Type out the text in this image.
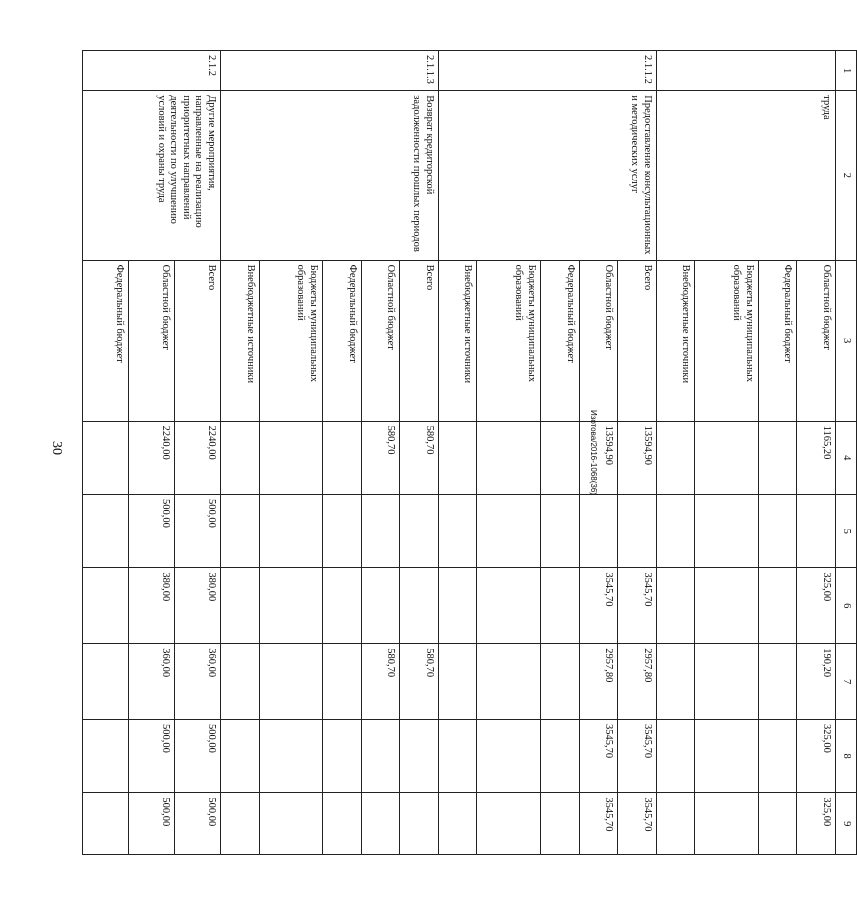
30	Изотова/2016-1068(36)
1	2	3	4	5	6	7	8	9
	труда	Областной бюджет	1165,20		325,00	190,20	325,00	325,00
		Федеральный бюджет						
		Бюджеты муниципальных образований						
		Внебюджетные источники						
2.1.1.2	Предоставление консультационных и методических услуг	Всего	13594,90		3545,70	2957,80	3545,70	3545,70
		Областной бюджет	13594,90		3545,70	2957,80	3545,70	3545,70
		Федеральный бюджет						
		Бюджеты муниципальных образований						
		Внебюджетные источники						
2.1.1.3	Возврат кредиторской задолженности прошлых периодов	Всего	580,70			580,70		
		Областной бюджет	580,70			580,70		
		Федеральный бюджет						
		Бюджеты муниципальных образований						
		Внебюджетные источники						
2.1.2	Другие мероприятия, направленные на реализацию приоритетных направлений деятельности по улучшению условий и охраны труда	Всего	2240,00	500,00	380,00	360,00	500,00	500,00
		Областной бюджет	2240,00	500,00	380,00	360,00	500,00	500,00
		Федеральный бюджет						
